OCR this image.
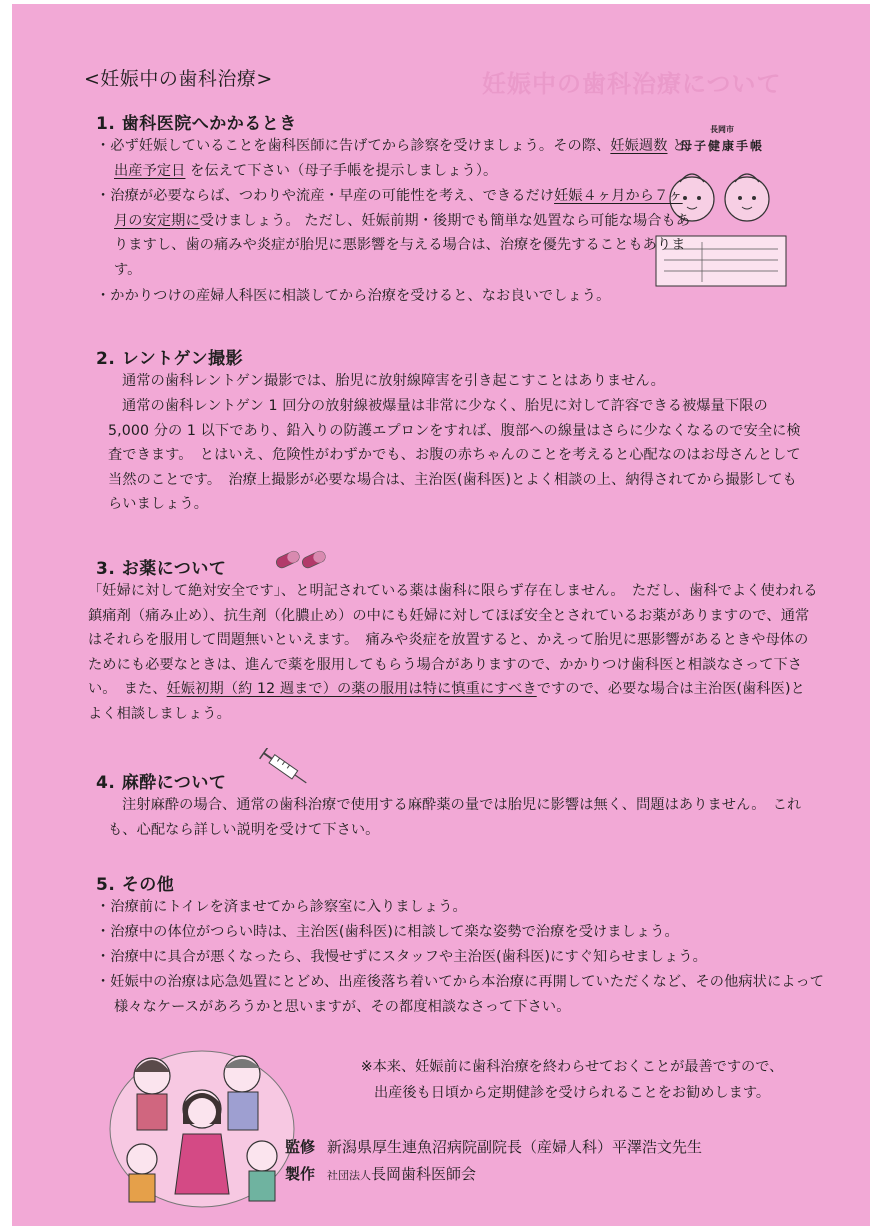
妊娠中の歯科治療について
<妊娠中の歯科治療>
長岡市
母子健康手帳
1. 歯科医院へかかるとき
・必ず妊娠していることを歯科医師に告げてから診察を受けましょう。その際、妊娠週数 と 出産予定日 を伝えて下さい（母子手帳を提示しましょう）。
・治療が必要ならば、つわりや流産・早産の可能性を考え、できるだけ妊娠４ヶ月から７ヶ月の安定期に受けましょう。 ただし、妊娠前期・後期でも簡単な処置なら可能な場合もありますし、歯の痛みや炎症が胎児に悪影響を与える場合は、治療を優先することもあります。
・かかりつけの産婦人科医に相談してから治療を受けると、なお良いでしょう。
2. レントゲン撮影
通常の歯科レントゲン撮影では、胎児に放射線障害を引き起こすことはありません。
通常の歯科レントゲン 1 回分の放射線被爆量は非常に少なく、胎児に対して許容できる被爆量下限の 5,000 分の 1 以下であり、鉛入りの防護エプロンをすれば、腹部への線量はさらに少なくなるので安全に検査できます。　とはいえ、危険性がわずかでも、お腹の赤ちゃんのことを考えると心配なのはお母さんとして当然のことです。　治療上撮影が必要な場合は、主治医(歯科医)とよく相談の上、納得されてから撮影してもらいましょう。
3. お薬について
「妊婦に対して絶対安全です」、と明記されている薬は歯科に限らず存在しません。　ただし、歯科でよく使われる鎮痛剤（痛み止め）、抗生剤（化膿止め）の中にも妊婦に対してほぼ安全とされているお薬がありますので、通常はそれらを服用して問題無いといえます。　痛みや炎症を放置すると、かえって胎児に悪影響があるときや母体のためにも必要なときは、進んで薬を服用してもらう場合がありますので、かかりつけ歯科医と相談なさって下さい。　また、妊娠初期（約 12 週まで）の薬の服用は特に慎重にすべきですので、必要な場合は主治医(歯科医)とよく相談しましょう。
4. 麻酔について
注射麻酔の場合、通常の歯科治療で使用する麻酔薬の量では胎児に影響は無く、問題はありません。　これも、心配なら詳しい説明を受けて下さい。
5. その他
・治療前にトイレを済ませてから診察室に入りましょう。
・治療中の体位がつらい時は、主治医(歯科医)に相談して楽な姿勢で治療を受けましょう。
・治療中に具合が悪くなったら、我慢せずにスタッフや主治医(歯科医)にすぐ知らせましょう。
・妊娠中の治療は応急処置にとどめ、出産後落ち着いてから本治療に再開していただくなど、その他病状によって様々なケースがあろうかと思いますが、その都度相談なさって下さい。
※本来、妊娠前に歯科治療を終わらせておくことが最善ですので、
出産後も日頃から定期健診を受けられることをお勧めします。
監修 新潟県厚生連魚沼病院副院長（産婦人科）平澤浩文先生
製作 社団法人長岡歯科医師会
